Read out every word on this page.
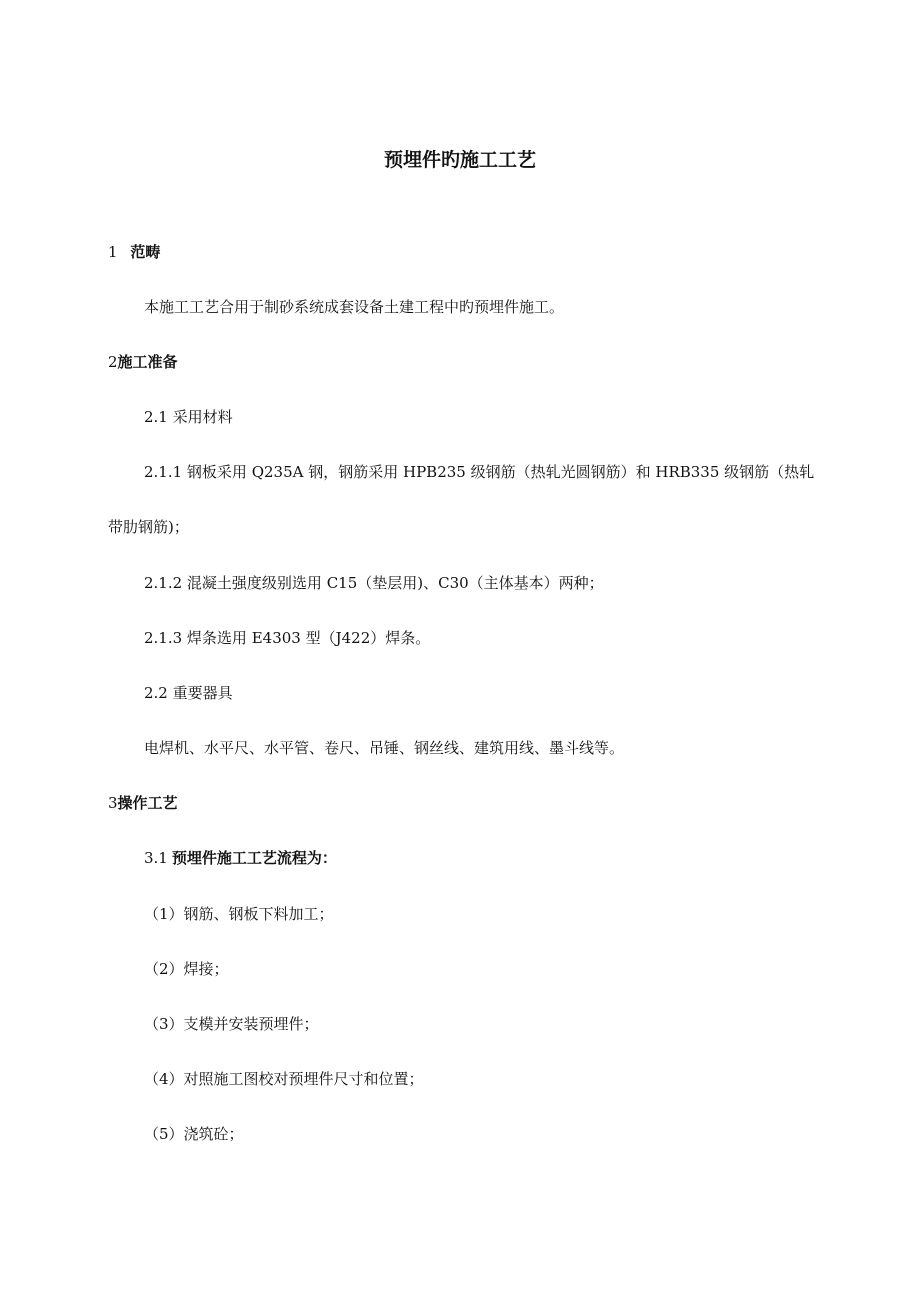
预埋件旳施工工艺
1 范畴
本施工工艺合用于制砂系统成套设备土建工程中旳预埋件施工。
2施工准备
2.1 采用材料
2.1.1 钢板采用 Q235A 钢，钢筋采用 HPB235 级钢筋（热轧光圆钢筋）和 HRB335 级钢筋（热轧
带肋钢筋)；
2.1.2 混凝土强度级别选用 C15（垫层用)、C30（主体基本）两种；
2.1.3 焊条选用 E4303 型（J422）焊条。
2.2 重要器具
电焊机、水平尺、水平管、卷尺、吊锤、钢丝线、建筑用线、墨斗线等。
3操作工艺
3.1 预埋件施工工艺流程为：
（1）钢筋、钢板下料加工；
（2）焊接；
（3）支模并安装预埋件；
（4）对照施工图校对预埋件尺寸和位置；
（5）浇筑砼；
